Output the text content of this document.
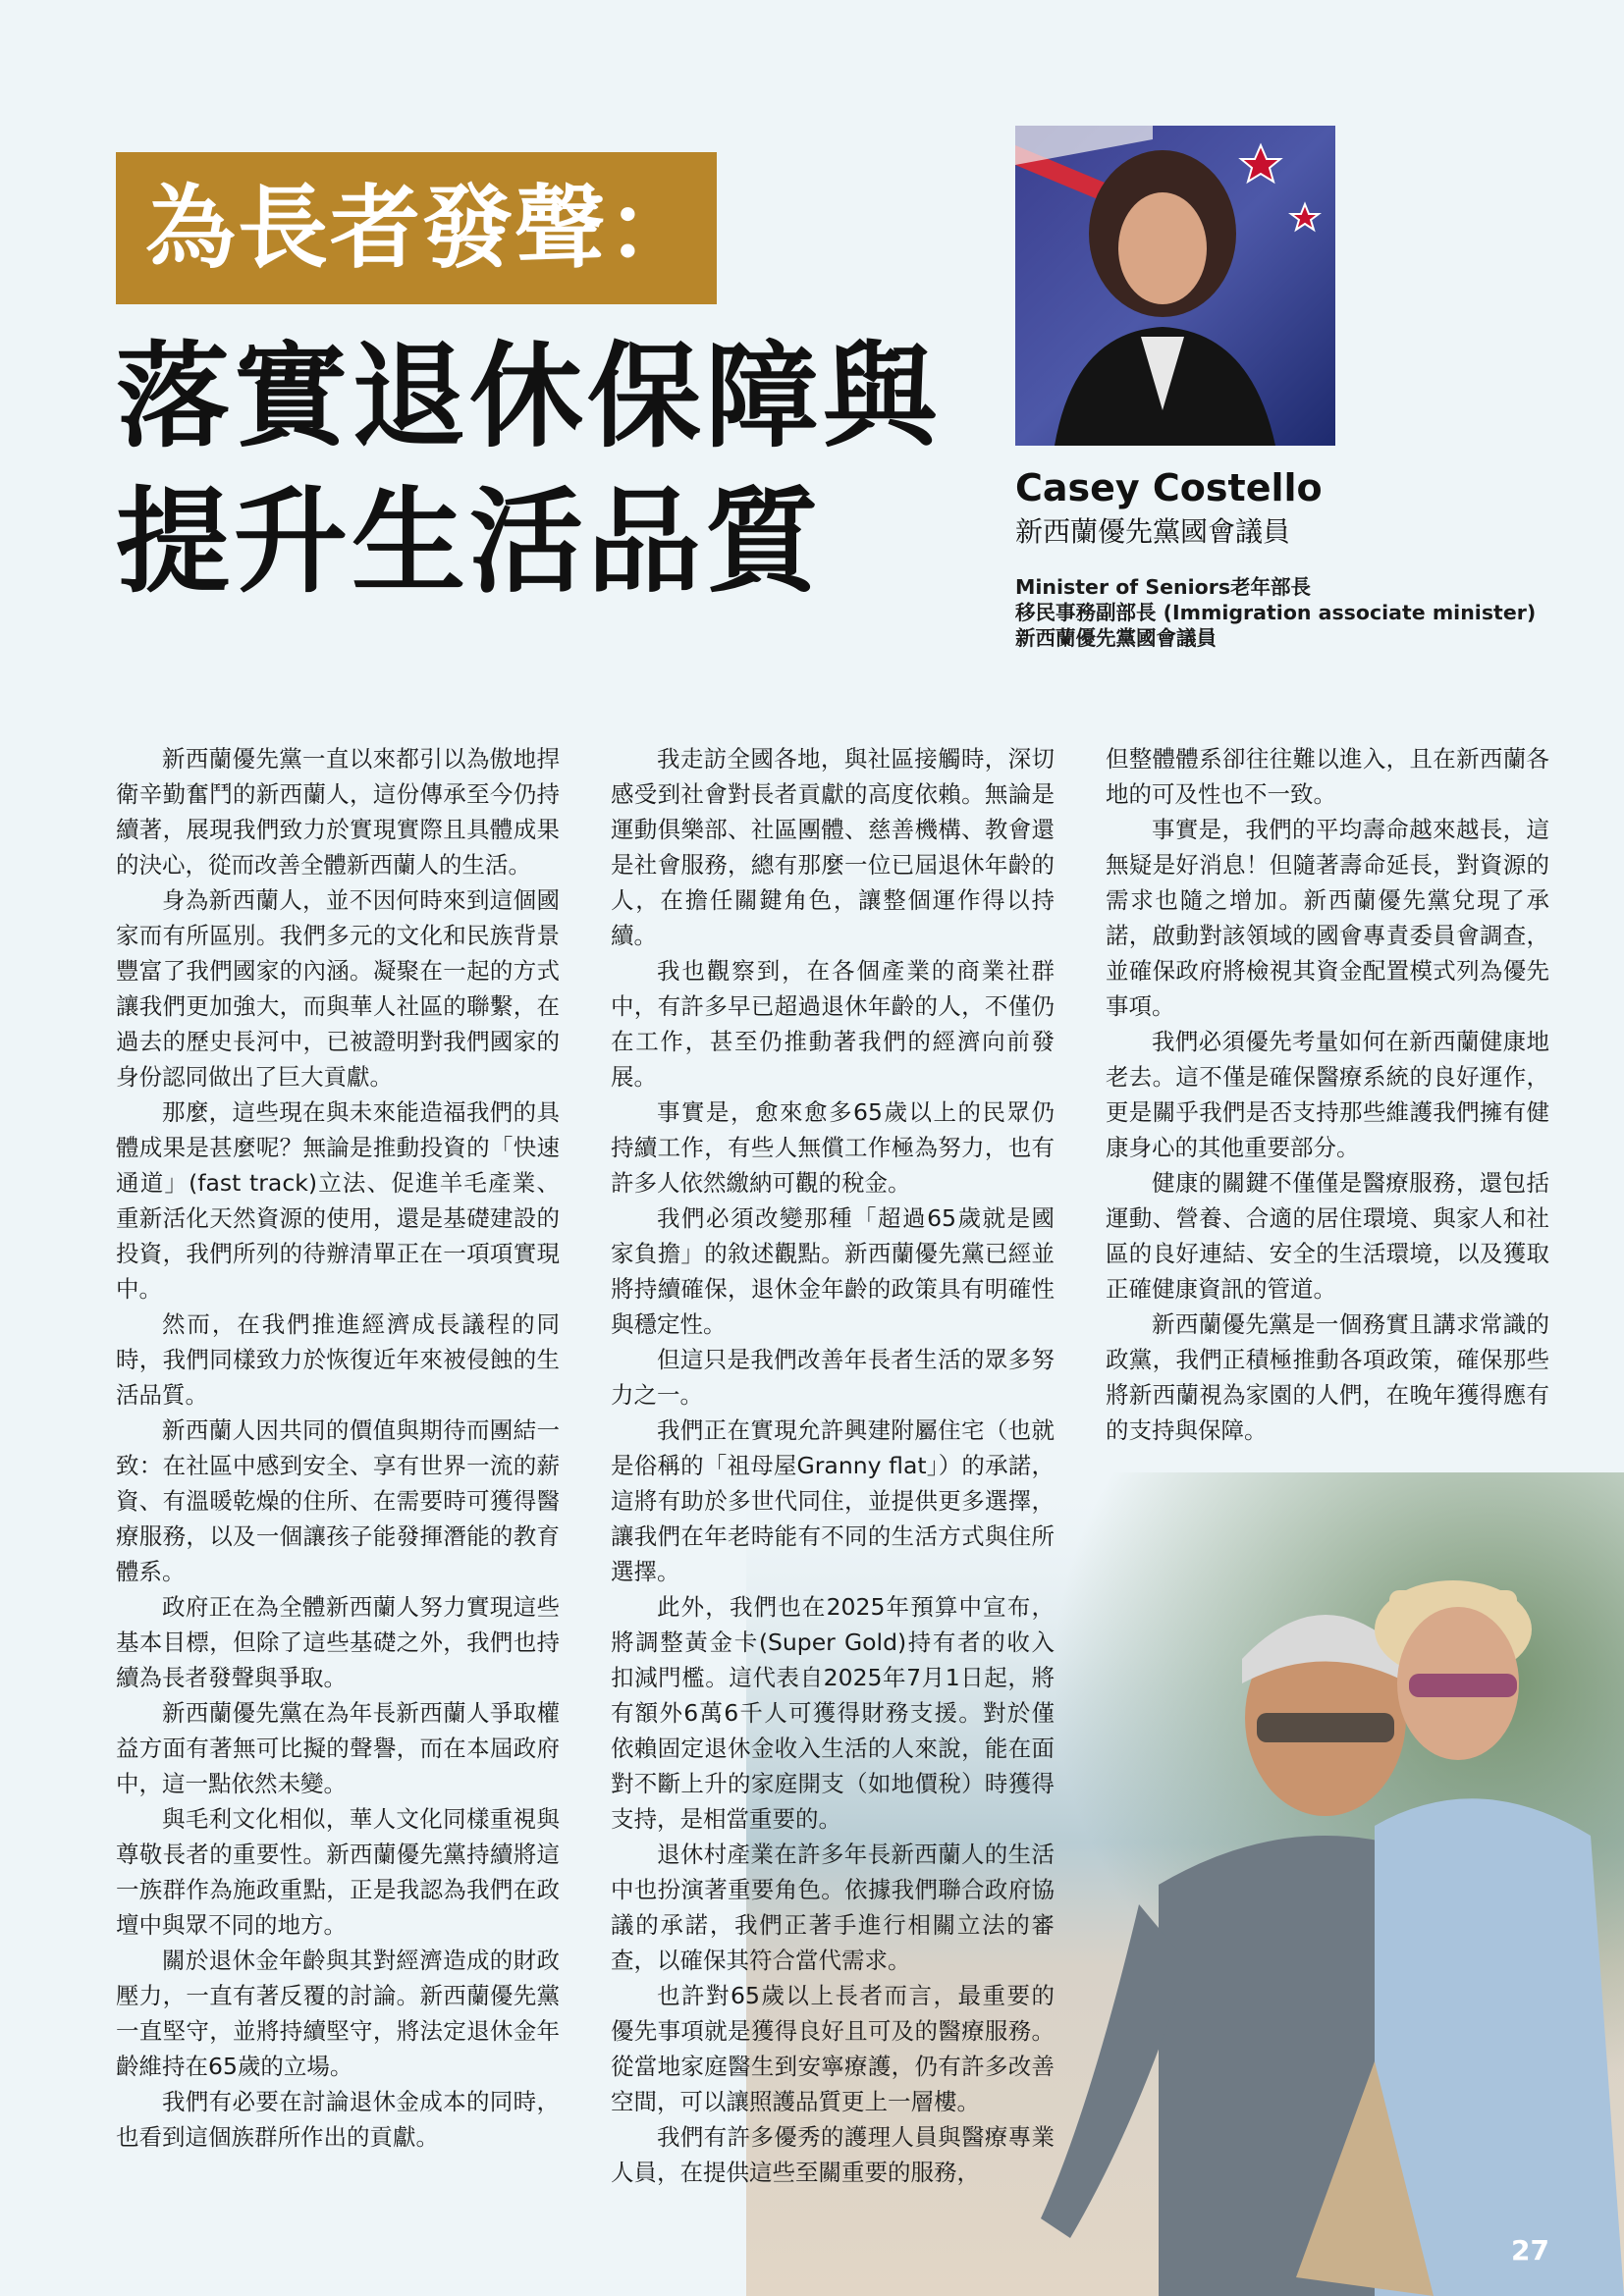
為長者發聲：
落實退休保障與
提升生活品質	Casey Costello
新西蘭優先黨國會議員
Minister of Seniors老年部長
移民事務副部長 (Immigration associate minister)
新西蘭優先黨國會議員

新西蘭優先黨一直以來都引以為傲地捍衛辛勤奮鬥的新西蘭人，這份傳承至今仍持續著，展現我們致力於實現實際且具體成果的決心，從而改善全體新西蘭人的生活。

身為新西蘭人，並不因何時來到這個國家而有所區別。我們多元的文化和民族背景豐富了我們國家的內涵。凝聚在一起的方式讓我們更加強大，而與華人社區的聯繫，在過去的歷史長河中，已被證明對我們國家的身份認同做出了巨大貢獻。

那麼，這些現在與未來能造福我們的具體成果是甚麼呢？無論是推動投資的「快速通道」(fast track)立法、促進羊毛產業、重新活化天然資源的使用，還是基礎建設的投資，我們所列的待辦清單正在一項項實現中。

然而，在我們推進經濟成長議程的同時，我們同樣致力於恢復近年來被侵蝕的生活品質。

新西蘭人因共同的價值與期待而團結一致：在社區中感到安全、享有世界一流的薪資、有溫暖乾燥的住所、在需要時可獲得醫療服務，以及一個讓孩子能發揮潛能的教育體系。

政府正在為全體新西蘭人努力實現這些基本目標，但除了這些基礎之外，我們也持續為長者發聲與爭取。

新西蘭優先黨在為年長新西蘭人爭取權益方面有著無可比擬的聲譽，而在本屆政府中，這一點依然未變。

與毛利文化相似，華人文化同樣重視與尊敬長者的重要性。新西蘭優先黨持續將這一族群作為施政重點，正是我認為我們在政壇中與眾不同的地方。

關於退休金年齡與其對經濟造成的財政壓力，一直有著反覆的討論。新西蘭優先黨一直堅守，並將持續堅守，將法定退休金年齡維持在65歲的立場。

我們有必要在討論退休金成本的同時，也看到這個族群所作出的貢獻。

我走訪全國各地，與社區接觸時，深切感受到社會對長者貢獻的高度依賴。無論是運動俱樂部、社區團體、慈善機構、教會還是社會服務，總有那麼一位已屆退休年齡的人，在擔任關鍵角色，讓整個運作得以持續。

我也觀察到，在各個產業的商業社群中，有許多早已超過退休年齡的人，不僅仍在工作，甚至仍推動著我們的經濟向前發展。

事實是，愈來愈多65歲以上的民眾仍持續工作，有些人無償工作極為努力，也有許多人依然繳納可觀的稅金。

我們必須改變那種「超過65歲就是國家負擔」的敘述觀點。新西蘭優先黨已經並將持續確保，退休金年齡的政策具有明確性與穩定性。

但這只是我們改善年長者生活的眾多努力之一。

我們正在實現允許興建附屬住宅（也就是俗稱的「祖母屋Granny flat」）的承諾，這將有助於多世代同住，並提供更多選擇，讓我們在年老時能有不同的生活方式與住所選擇。

此外，我們也在2025年預算中宣布，將調整黃金卡(Super Gold)持有者的收入扣減門檻。這代表自2025年7月1日起，將有額外6萬6千人可獲得財務支援。對於僅依賴固定退休金收入生活的人來說，能在面對不斷上升的家庭開支（如地價稅）時獲得支持，是相當重要的。

退休村產業在許多年長新西蘭人的生活中也扮演著重要角色。依據我們聯合政府協議的承諾，我們正著手進行相關立法的審查，以確保其符合當代需求。

也許對65歲以上長者而言，最重要的優先事項就是獲得良好且可及的醫療服務。從當地家庭醫生到安寧療護，仍有許多改善空間，可以讓照護品質更上一層樓。

我們有許多優秀的護理人員與醫療專業人員，在提供這些至關重要的服務，

但整體體系卻往往難以進入，且在新西蘭各地的可及性也不一致。

事實是，我們的平均壽命越來越長，這無疑是好消息！但隨著壽命延長，對資源的需求也隨之增加。新西蘭優先黨兌現了承諾，啟動對該領域的國會專責委員會調查，並確保政府將檢視其資金配置模式列為優先事項。

我們必須優先考量如何在新西蘭健康地老去。這不僅是確保醫療系統的良好運作， 更是關乎我們是否支持那些維護我們擁有健康身心的其他重要部分。

健康的關鍵不僅僅是醫療服務，還包括運動、營養、合適的居住環境、與家人和社區的良好連結、安全的生活環境，以及獲取正確健康資訊的管道。

新西蘭優先黨是一個務實且講求常識的政黨，我們正積極推動各項政策，確保那些將新西蘭視為家園的人們，在晚年獲得應有的支持與保障。

27
